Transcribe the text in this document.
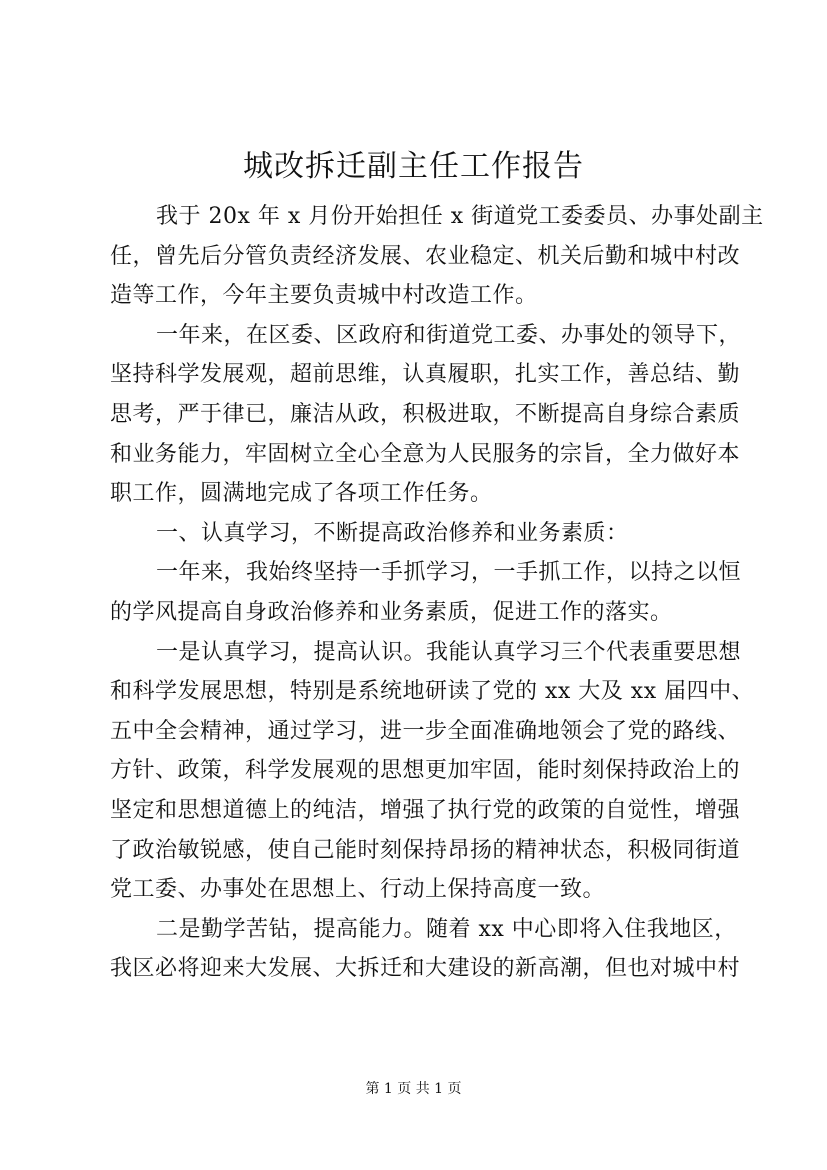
城改拆迁副主任工作报告
我于 20x 年 x 月份开始担任 x 街道党工委委员、办事处副主
任，曾先后分管负责经济发展、农业稳定、机关后勤和城中村改
造等工作，今年主要负责城中村改造工作。
一年来，在区委、区政府和街道党工委、办事处的领导下，
坚持科学发展观，超前思维，认真履职，扎实工作，善总结、勤
思考，严于律已，廉洁从政，积极进取，不断提高自身综合素质
和业务能力，牢固树立全心全意为人民服务的宗旨，全力做好本
职工作，圆满地完成了各项工作任务。
一、认真学习，不断提高政治修养和业务素质：
一年来，我始终坚持一手抓学习，一手抓工作，以持之以恒
的学风提高自身政治修养和业务素质，促进工作的落实。
一是认真学习，提高认识。我能认真学习三个代表重要思想
和科学发展思想，特别是系统地研读了党的 xx 大及 xx 届四中、
五中全会精神，通过学习，进一步全面准确地领会了党的路线、
方针、政策，科学发展观的思想更加牢固，能时刻保持政治上的
坚定和思想道德上的纯洁，增强了执行党的政策的自觉性，增强
了政治敏锐感，使自己能时刻保持昂扬的精神状态，积极同街道
党工委、办事处在思想上、行动上保持高度一致。
二是勤学苦钻，提高能力。随着 xx 中心即将入住我地区，
我区必将迎来大发展、大拆迁和大建设的新高潮，但也对城中村
第 1 页 共 1 页
